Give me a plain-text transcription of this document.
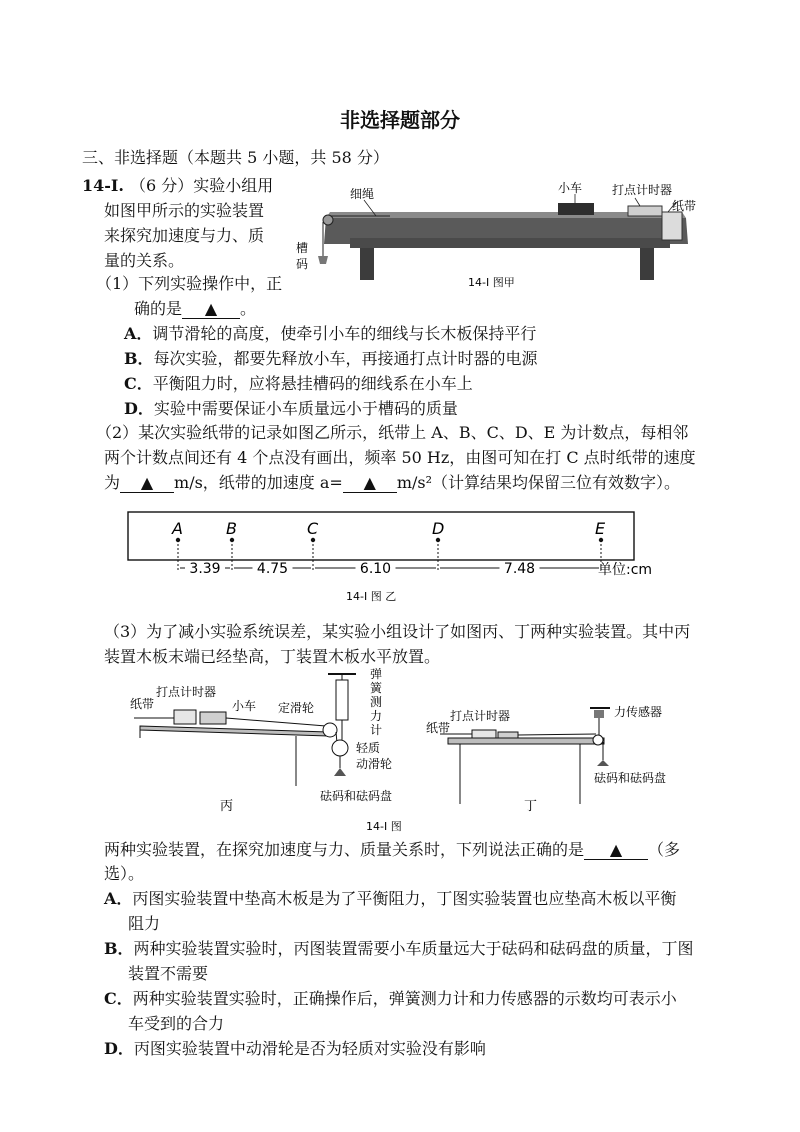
非选择题部分
三、非选择题（本题共 5 小题，共 58 分）
14-I. （6 分）实验小组用
如图甲所示的实验装置
来探究加速度与力、质
量的关系。
细绳	小车 打点计时器
纸带
槽
码
14-I 图甲
（1）下列实验操作中，正
确的是 ▲ 。
A．调节滑轮的高度，使牵引小车的细线与长木板保持平行
B．每次实验，都要先释放小车，再接通打点计时器的电源
C．平衡阻力时，应将悬挂槽码的细线系在小车上
D．实验中需要保证小车质量远小于槽码的质量
（2）某次实验纸带的记录如图乙所示，纸带上 A、B、C、D、E 为计数点，每相邻
两个计数点间还有 4 个点没有画出，频率 50 Hz，由图可知在打 C 点时纸带的速度
为 ▲ m/s，纸带的加速度 a= ▲ m/s²（计算结果均保留三位有效数字）。
A	B	C	D	E
3.39	4.75	6.10	7.48	单位:cm
14-I 图 乙
（3）为了减小实验系统误差，某实验小组设计了如图丙、丁两种实验装置。其中丙
装置木板末端已经垫高，丁装置木板水平放置。
纸带
打点计时器
小车 定滑轮
弹
簧
测
力
计
轻质
动滑轮
砝码和砝码盘
丙
打点计时器
纸带
力传感器
砝码和砝码盘
丁
14-I 图
两种实验装置，在探究加速度与力、质量关系时，下列说法正确的是 ▲ （多
选）。
A．丙图实验装置中垫高木板是为了平衡阻力，丁图实验装置也应垫高木板以平衡
阻力
B．两种实验装置实验时，丙图装置需要小车质量远大于砝码和砝码盘的质量，丁图
装置不需要
C．两种实验装置实验时，正确操作后，弹簧测力计和力传感器的示数均可表示小
车受到的合力
D．丙图实验装置中动滑轮是否为轻质对实验没有影响
